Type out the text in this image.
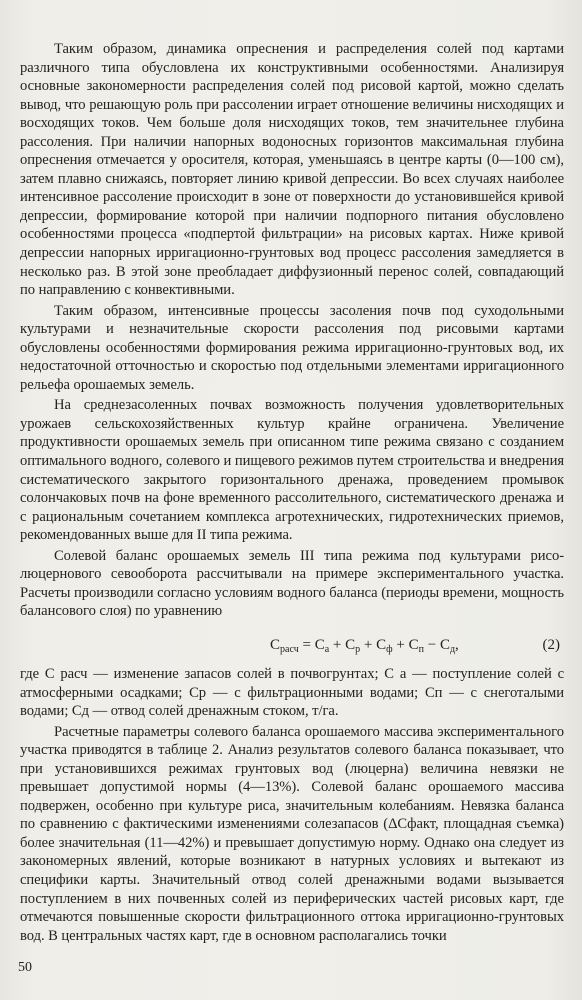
Таким образом, динамика опреснения и распределения солей под картами различного типа обусловлена их конструктивными особенностями. Анализируя основные закономерности распределения солей под рисовой картой, можно сделать вывод, что решающую роль при рассолении играет отношение величины нисходящих и восходящих токов. Чем больше доля нисходящих токов, тем значительнее глубина рассоления. При наличии напорных водоносных горизонтов максимальная глубина опреснения отмечается у оросителя, которая, уменьшаясь в центре карты (0—100 см), затем плавно снижаясь, повторяет линию кривой депрессии. Во всех случаях наиболее интенсивное рассоление происходит в зоне от поверхности до установившейся кривой депрессии, формирование которой при наличии подпорного питания обусловлено особенностями процесса «подпертой фильтрации» на рисовых картах. Ниже кривой депрессии напорных ирригационно-грунтовых вод процесс рассоления замедляется в несколько раз. В этой зоне преобладает диффузионный перенос солей, совпадающий по направлению с конвективными.

Таким образом, интенсивные процессы засоления почв под суходольными культурами и незначительные скорости рассоления под рисовыми картами обусловлены особенностями формирования режима ирригационно-грунтовых вод, их недостаточной отточностью и скоростью под отдельными элементами ирригационного рельефа орошаемых земель.

На среднезасоленных почвах возможность получения удовлетворительных урожаев сельскохозяйственных культур крайне ограничена. Увеличение продуктивности орошаемых земель при описанном типе режима связано с созданием оптимального водного, солевого и пищевого режимов путем строительства и внедрения систематического закрытого горизонтального дренажа, проведением промывок солончаковых почв на фоне временного рассолительного, систематического дренажа и с рациональным сочетанием комплекса агротехнических, гидротехнических приемов, рекомендованных выше для II типа режима.

Солевой баланс орошаемых земель III типа режима под культурами рисо-люцернового севооборота рассчитывали на примере экспериментального участка. Расчеты производили согласно условиям водного баланса (периоды времени, мощность балансового слоя) по уравнению

$С_{расч} = С_а + С_р + С_ф + С_п - С_д$,	(2)

где С расч — изменение запасов солей в почвогрунтах; С а — поступление солей с атмосферными осадками; Ср — с фильтрационными водами; Сп — с снеготалыми водами; Сд — отвод солей дренажным стоком, т/га.

Расчетные параметры солевого баланса орошаемого массива экспериментального участка приводятся в таблице 2. Анализ результатов солевого баланса показывает, что при установившихся режимах грунтовых вод (люцерна) величина невязки не превышает допустимой нормы (4—13%). Солевой баланс орошаемого массива подвержен, особенно при культуре риса, значительным колебаниям. Невязка баланса по сравнению с фактическими изменениями солезапасов (ΔСфакт, площадная съемка) более значительная (11—42%) и превышает допустимую норму. Однако она следует из закономерных явлений, которые возникают в натурных условиях и вытекают из специфики карты. Значительный отвод солей дренажными водами вызывается поступлением в них почвенных солей из периферических частей рисовых карт, где отмечаются повышенные скорости фильтрационного оттока ирригационно-грунтовых вод. В центральных частях карт, где в основном располагались точки

50
